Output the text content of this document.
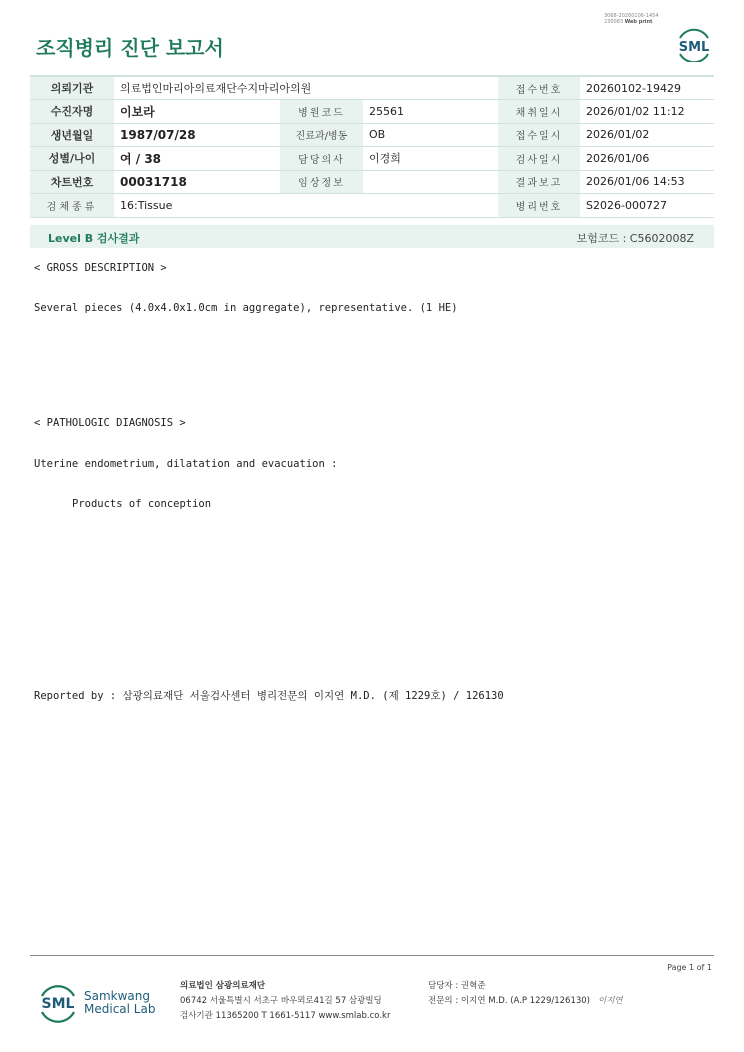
3068-20260106-1454
230083 Web print
조직병리 진단 보고서	SML
의뢰기관	의료법인마리아의료재단수지마리아의원			접수번호	20260102-19429
수진자명	이보라	병원코드	25561	채취일시	2026/01/02 11:12
생년월일	1987/07/28	진료과/병동	OB	접수일시	2026/01/02
성별/나이	여 / 38	담당의사	이경희	검사일시	2026/01/06
차트번호	00031718	임상정보		결과보고	2026/01/06 14:53
검체종류	16:Tissue			병리번호	S2026-000727
Level B 검사결과	보험코드 : C5602008Z
< GROSS DESCRIPTION >
Several pieces (4.0x4.0x1.0cm in aggregate), representative. (1 HE)
< PATHOLOGIC DIAGNOSIS >
Uterine endometrium, dilatation and evacuation :
Products of conception
Reported by : 삼광의료재단 서울검사센터 병리전문의 이지연 M.D. (제 1229호) / 126130
Page 1 of 1
SML Samkwang
Medical Lab
의료법인 삼광의료재단
06742 서울특별시 서초구 바우뫼로41길 57 삼광빌딩
검사기관 11365200 T 1661-5117 www.smlab.co.kr
담당자 : 권혁준
전문의 : 이지연 M.D. (A.P 1229/126130) 이지연
